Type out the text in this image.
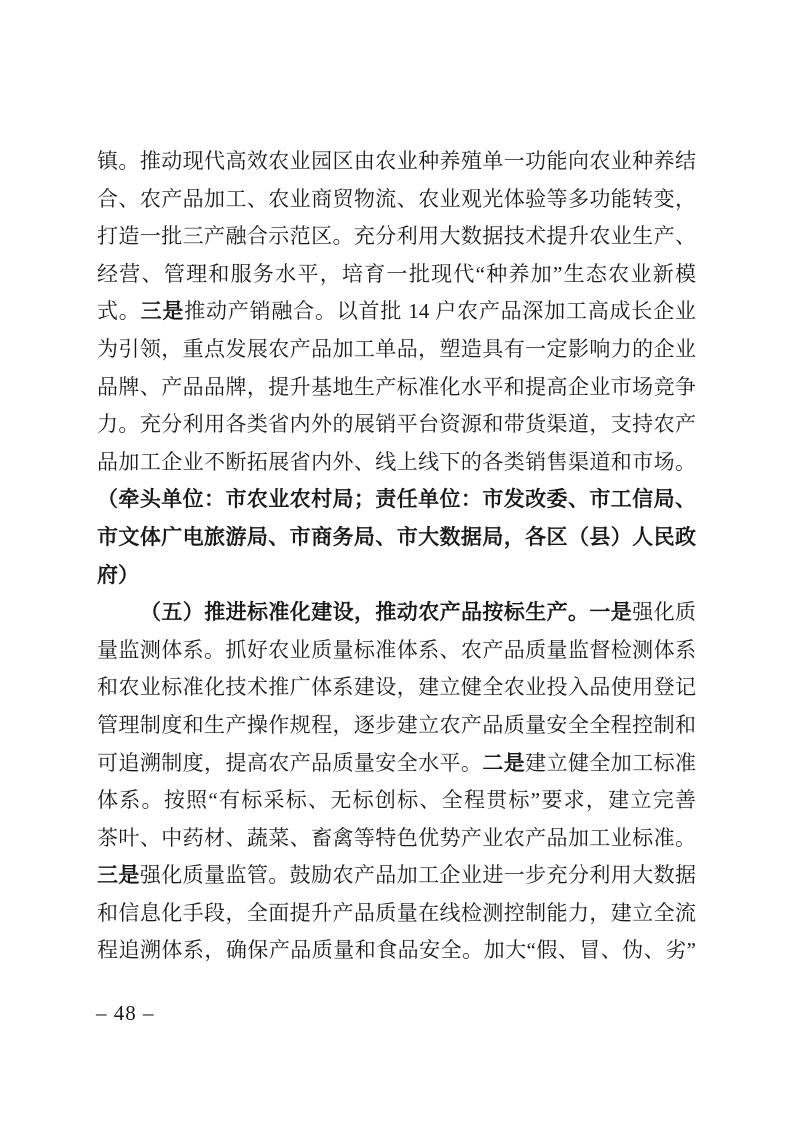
镇。推动现代高效农业园区由农业种养殖单一功能向农业种养结
合、农产品加工、农业商贸物流、农业观光体验等多功能转变，
打造一批三产融合示范区。充分利用大数据技术提升农业生产、
经营、管理和服务水平，培育一批现代“种养加”生态农业新模
式。三是推动产销融合。以首批 14 户农产品深加工高成长企业
为引领，重点发展农产品加工单品，塑造具有一定影响力的企业
品牌、产品品牌，提升基地生产标准化水平和提高企业市场竞争
力。充分利用各类省内外的展销平台资源和带货渠道，支持农产
品加工企业不断拓展省内外、线上线下的各类销售渠道和市场。
（牵头单位：市农业农村局；责任单位：市发改委、市工信局、
市文体广电旅游局、市商务局、市大数据局，各区（县）人民政
府）
（五）推进标准化建设，推动农产品按标生产。一是强化质
量监测体系。抓好农业质量标准体系、农产品质量监督检测体系
和农业标准化技术推广体系建设，建立健全农业投入品使用登记
管理制度和生产操作规程，逐步建立农产品质量安全全程控制和
可追溯制度，提高农产品质量安全水平。二是建立健全加工标准
体系。按照“有标采标、无标创标、全程贯标”要求，建立完善
茶叶、中药材、蔬菜、畜禽等特色优势产业农产品加工业标准。
三是强化质量监管。鼓励农产品加工企业进一步充分利用大数据
和信息化手段，全面提升产品质量在线检测控制能力，建立全流
程追溯体系，确保产品质量和食品安全。加大“假、冒、伪、劣”
– 48 –
